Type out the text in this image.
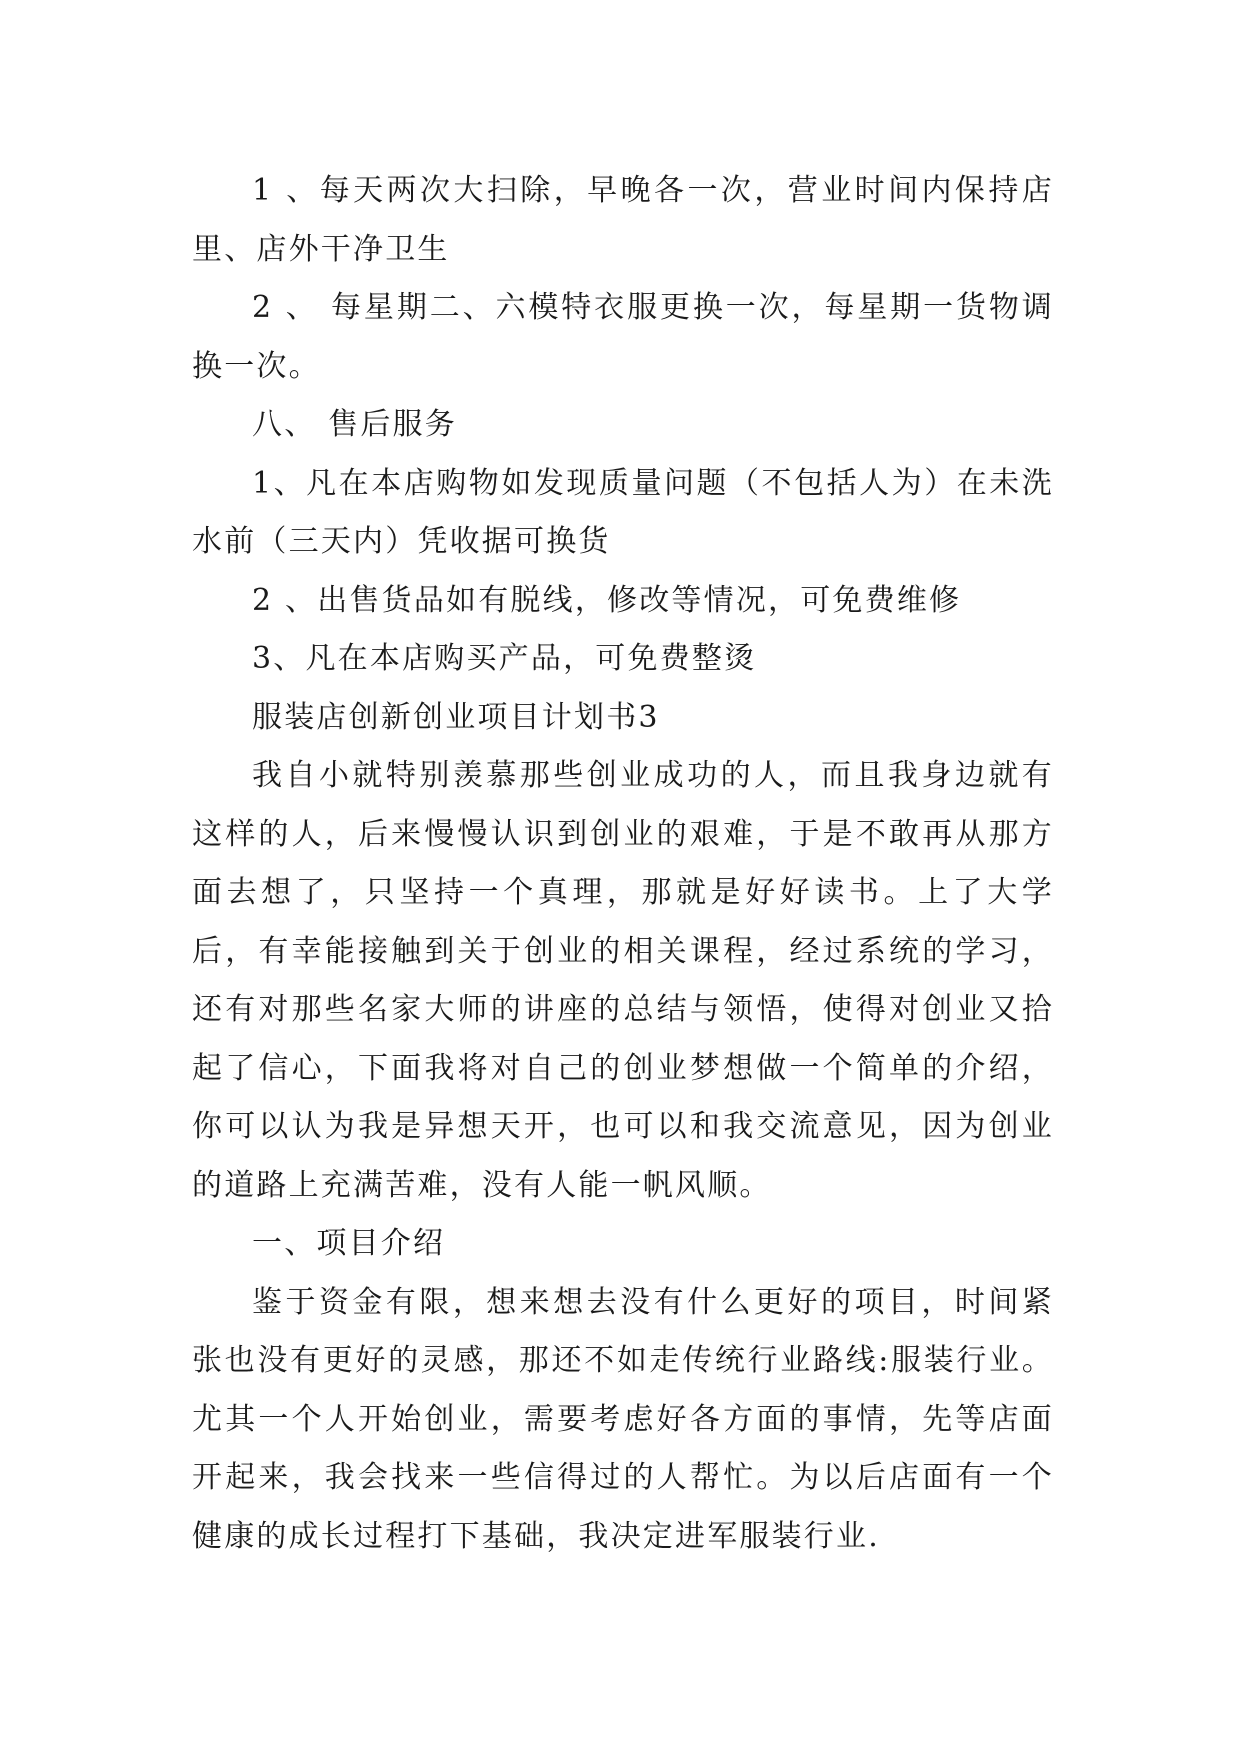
1 、每天两次大扫除，早晚各一次，营业时间内保持店里、店外干净卫生

2 、 每星期二、六模特衣服更换一次，每星期一货物调换一次。

八、 售后服务

1、凡在本店购物如发现质量问题（不包括人为）在未洗水前（三天内）凭收据可换货

2 、出售货品如有脱线，修改等情况，可免费维修

3、凡在本店购买产品，可免费整烫

服装店创新创业项目计划书3

我自小就特别羡慕那些创业成功的人，而且我身边就有这样的人，后来慢慢认识到创业的艰难，于是不敢再从那方面去想了，只坚持一个真理，那就是好好读书。上了大学后，有幸能接触到关于创业的相关课程，经过系统的学习，还有对那些名家大师的讲座的总结与领悟，使得对创业又拾起了信心，下面我将对自己的创业梦想做一个简单的介绍，你可以认为我是异想天开，也可以和我交流意见，因为创业的道路上充满苦难，没有人能一帆风顺。

一、项目介绍

鉴于资金有限，想来想去没有什么更好的项目，时间紧张也没有更好的灵感，那还不如走传统行业路线:服装行业。尤其一个人开始创业，需要考虑好各方面的事情，先等店面开起来，我会找来一些信得过的人帮忙。为以后店面有一个健康的成长过程打下基础，我决定进军服装行业.
